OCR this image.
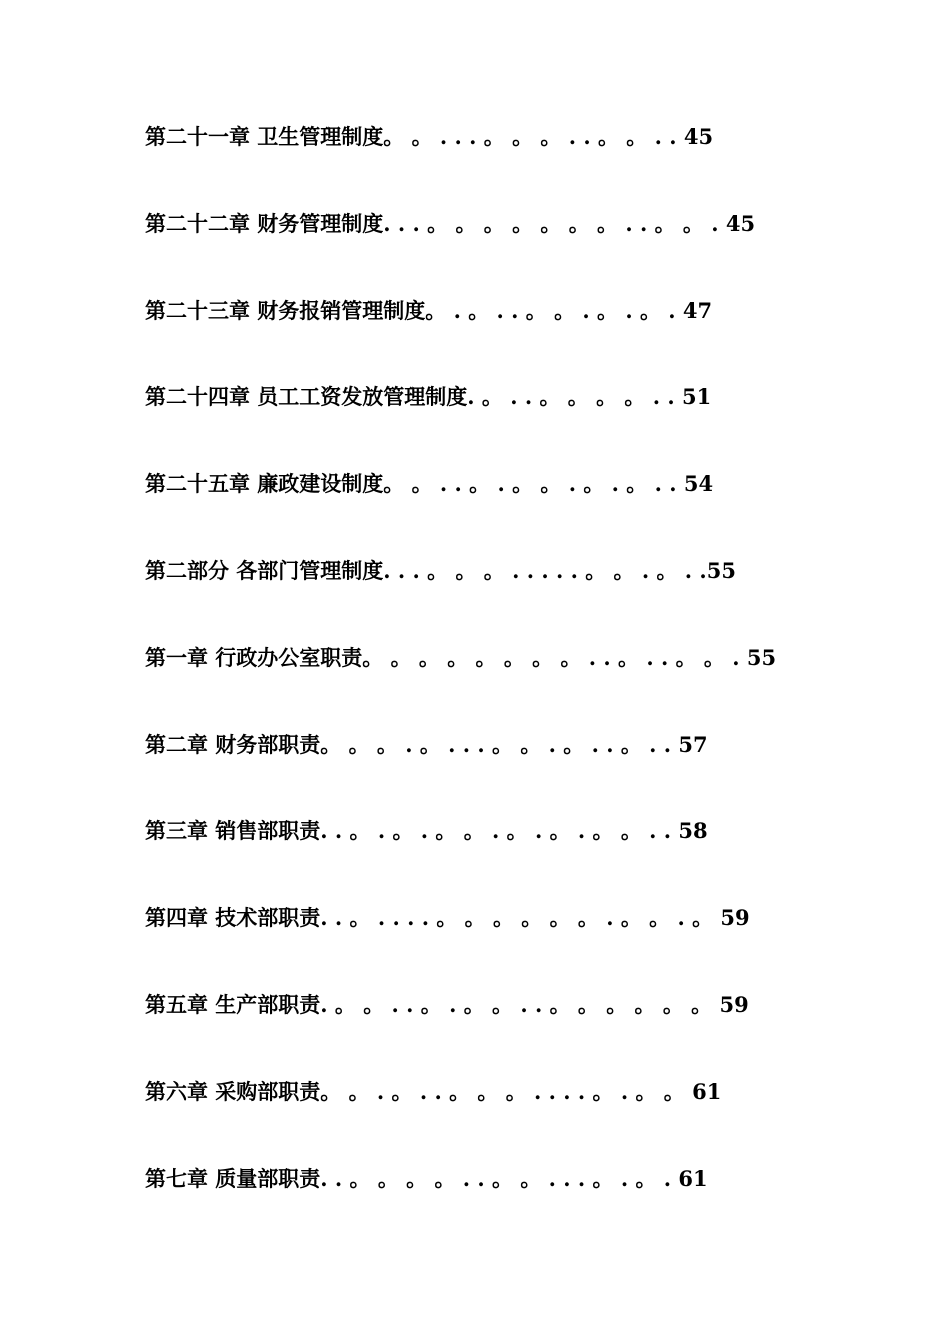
第二十一章 卫生管理制度。 。 . . . 。 。 。 . . 。 。 . . 45
第二十二章 财务管理制度. . . 。 。 。 。 。 。 。 . . 。 。 . 45
第二十三章 财务报销管理制度。 . 。 . . 。 。 . 。 . 。 . 47
第二十四章 员工工资发放管理制度. 。 . . 。 。 。 。 . . 51
第二十五章 廉政建设制度。 。 . . 。 . 。 。 . 。 . 。 . . 54
第二部分 各部门管理制度. . . 。 。 。 . . . . . 。 。 . 。 . .55
第一章 行政办公室职责。 。 。 。 。 。 。 。 . . 。 . . 。 。 . 55
第二章 财务部职责。 。 。 . 。 . . . 。 。 . 。 . . 。 . . 57
第三章 销售部职责. . 。 . 。 . 。 。 . 。 . 。 . 。 。 . . 58
第四章 技术部职责. . 。 . . . . 。 。 。 。 。 。 . 。 。 . 。 59
第五章 生产部职责. 。 。 . . 。 . 。 。 . . 。 。 。 。 。 。 59
第六章 采购部职责。 。 . 。 . . 。 。 。 . . . . 。 . 。 。 61
第七章 质量部职责. . 。 。 。 。 . . 。 。 . . . 。 . 。 . 61
